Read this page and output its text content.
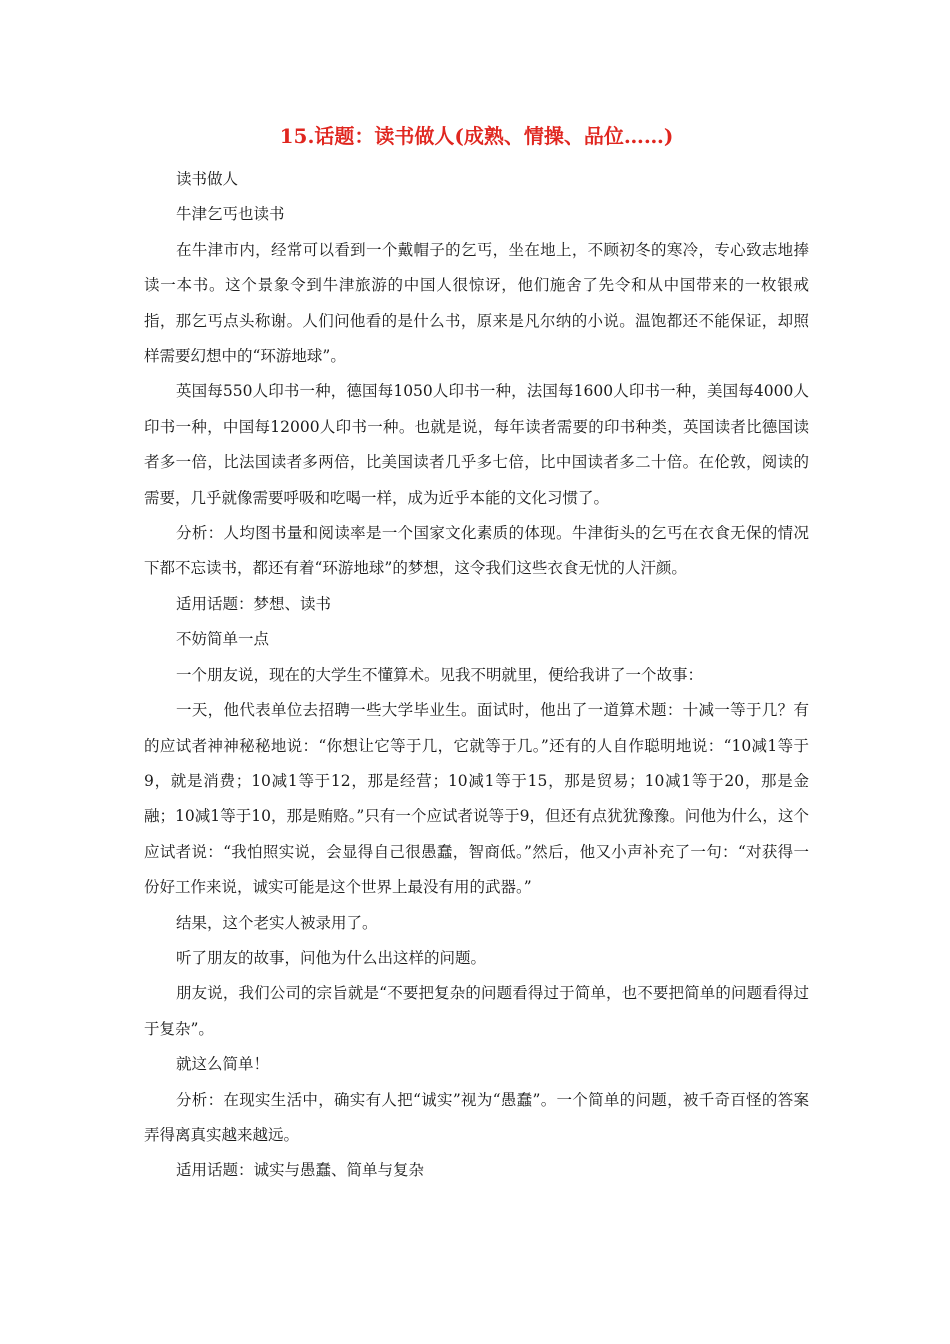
15.话题：读书做人(成熟、情操、品位……)

读书做人

牛津乞丐也读书

在牛津市内，经常可以看到一个戴帽子的乞丐，坐在地上，不顾初冬的寒冷，专心致志地捧读一本书。这个景象令到牛津旅游的中国人很惊讶，他们施舍了先令和从中国带来的一枚银戒指，那乞丐点头称谢。人们问他看的是什么书，原来是凡尔纳的小说。温饱都还不能保证，却照样需要幻想中的“环游地球”。

英国每550人印书一种，德国每1050人印书一种，法国每1600人印书一种，美国每4000人印书一种，中国每12000人印书一种。也就是说，每年读者需要的印书种类，英国读者比德国读者多一倍，比法国读者多两倍，比美国读者几乎多七倍，比中国读者多二十倍。在伦敦，阅读的需要，几乎就像需要呼吸和吃喝一样，成为近乎本能的文化习惯了。

分析：人均图书量和阅读率是一个国家文化素质的体现。牛津街头的乞丐在衣食无保的情况下都不忘读书，都还有着“环游地球”的梦想，这令我们这些衣食无忧的人汗颜。

适用话题：梦想、读书

不妨简单一点

一个朋友说，现在的大学生不懂算术。见我不明就里，便给我讲了一个故事：

一天，他代表单位去招聘一些大学毕业生。面试时，他出了一道算术题：十减一等于几？有的应试者神神秘秘地说：“你想让它等于几，它就等于几。”还有的人自作聪明地说：“10减1等于9，就是消费；10减1等于12，那是经营；10减1等于15，那是贸易；10减1等于20，那是金融；10减1等于10，那是贿赂。”只有一个应试者说等于9，但还有点犹犹豫豫。问他为什么，这个应试者说：“我怕照实说，会显得自己很愚蠢，智商低。”然后，他又小声补充了一句：“对获得一份好工作来说，诚实可能是这个世界上最没有用的武器。”

结果，这个老实人被录用了。

听了朋友的故事，问他为什么出这样的问题。

朋友说，我们公司的宗旨就是“不要把复杂的问题看得过于简单，也不要把简单的问题看得过于复杂”。

就这么简单！

分析：在现实生活中，确实有人把“诚实”视为“愚蠢”。一个简单的问题，被千奇百怪的答案弄得离真实越来越远。

适用话题：诚实与愚蠢、简单与复杂
